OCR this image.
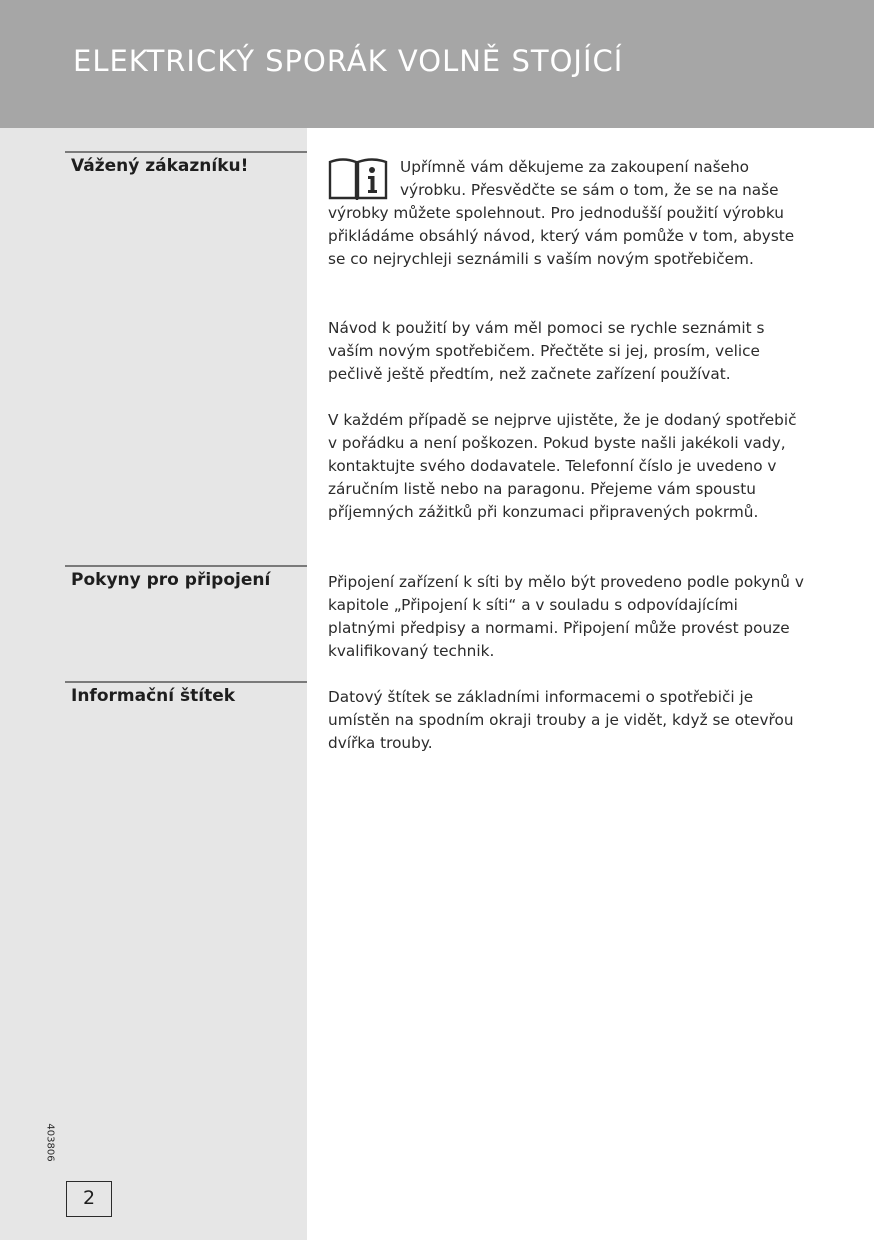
ELEKTRICKÝ SPORÁK VOLNĚ STOJÍCÍ
Vážený zákazníku!	Upřímně vám děkujeme za zakoupení našeho výrobku. Přesvědčte se sám o tom, že se na naše výrobky můžete spolehnout. Pro jednodušší použití výrobku přikládáme obsáhlý návod, který vám pomůže v tom, abyste se co nejrychleji seznámili s vaším novým spotřebičem.

Návod k použití by vám měl pomoci se rychle seznámit s vaším novým spotřebičem. Přečtěte si jej, prosím, velice pečlivě ještě předtím, než začnete zařízení používat.

V každém případě se nejprve ujistěte, že je dodaný spotřebič v pořádku a není poškozen. Pokud byste našli jakékoli vady, kontaktujte svého dodavatele. Telefonní číslo je uvedeno v záručním listě nebo na paragonu. Přejeme vám spoustu příjemných zážitků při konzumaci připravených pokrmů.

Pokyny pro připojení	Připojení zařízení k síti by mělo být provedeno podle pokynů v kapitole „Připojení k síti“ a v souladu s odpovídajícími platnými předpisy a normami. Připojení může provést pouze kvalifikovaný technik.

Informační štítek	Datový štítek se základními informacemi o spotřebiči je umístěn na spodním okraji trouby a je vidět, když se otevřou dvířka trouby.

403806
2
